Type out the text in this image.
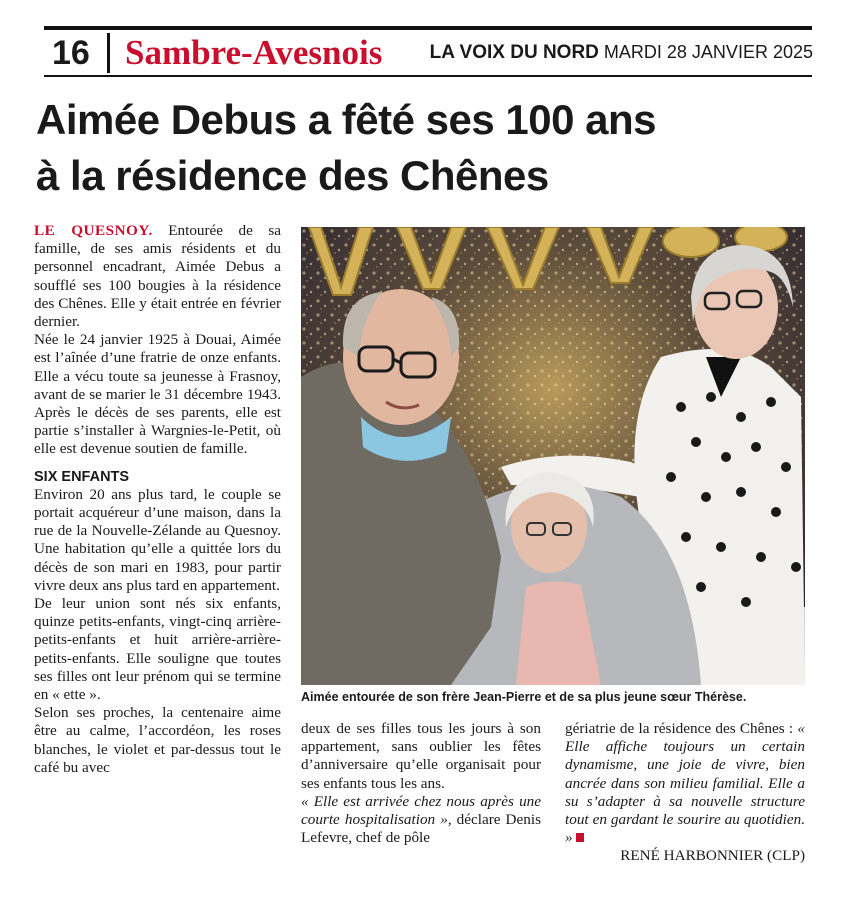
16 Sambre-Avesnois LA VOIX DU NORD MARDI 28 JANVIER 2025
Aimée Debus a fêté ses 100 ans
à la résidence des Chênes

LE QUESNOY. Entourée de sa famille, de ses amis résidents et du personnel encadrant, Aimée Debus a soufflé ses 100 bougies à la résidence des Chênes. Elle y était entrée en février dernier.

Née le 24 janvier 1925 à Douai, Aimée est l’aînée d’une fratrie de onze enfants. Elle a vécu toute sa jeunesse à Frasnoy, avant de se marier le 31 décembre 1943. Après le décès de ses parents, elle est partie s’installer à Wargnies-le-Petit, où elle est devenue soutien de famille.

SIX ENFANTS

Environ 20 ans plus tard, le couple se portait acquéreur d’une maison, dans la rue de la Nouvelle-Zélande au Quesnoy. Une habitation qu’elle a quittée lors du décès de son mari en 1983, pour partir vivre deux ans plus tard en appartement.

De leur union sont nés six enfants, quinze petits-enfants, vingt-cinq arrière-petits-enfants et huit arrière-arrière-petits-enfants. Elle souligne que toutes ses filles ont leur prénom qui se termine en « ette ».

Selon ses proches, la centenaire aime être au calme, l’accordéon, les roses blanches, le violet et par-dessus tout le café bu avec

Aimée entourée de son frère Jean-Pierre et de sa plus jeune sœur Thérèse.

deux de ses filles tous les jours à son appartement, sans oublier les fêtes d’anniversaire qu’elle organisait pour ses enfants tous les ans.

« Elle est arrivée chez nous après une courte hospitalisation », déclare Denis Lefevre, chef de pôle

gériatrie de la résidence des Chênes : « Elle affiche toujours un certain dynamisme, une joie de vivre, bien ancrée dans son milieu familial. Elle a su s’adapter à sa nouvelle structure tout en gardant le sourire au quotidien. »

RENÉ HARBONNIER (CLP)
